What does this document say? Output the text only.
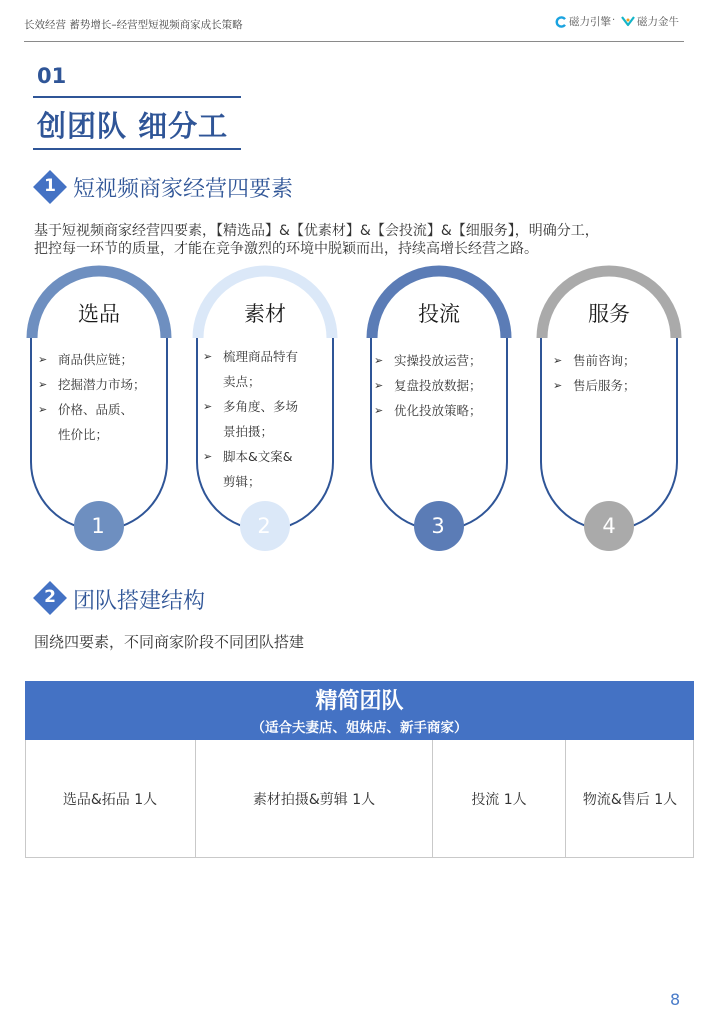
长效经营 蓄势增长–经营型短视频商家成长策略	磁力引擎 · 磁力金牛
01
创团队 细分工
1 短视频商家经营四要素
基于短视频商家经营四要素，【精选品】&【优素材】&【会投流】&【细服务】，明确分工，
把控每一环节的质量，才能在竞争激烈的环境中脱颖而出，持续高增长经营之路。
选品
➢ 商品供应链；
➢ 挖掘潜力市场；
➢ 价格、品质、
性价比；
1
素材
➢ 梳理商品特有
卖点；
➢ 多角度、多场
景拍摄；
➢ 脚本&文案&
剪辑；
2
投流
➢ 实操投放运营；
➢ 复盘投放数据；
➢ 优化投放策略；
3
服务
➢ 售前咨询；
➢ 售后服务；
4
2 团队搭建结构
围绕四要素，不同商家阶段不同团队搭建
精简团队
（适合夫妻店、姐妹店、新手商家）
选品&拓品 1人	素材拍摄&剪辑 1人	投流 1人	物流&售后 1人
8
